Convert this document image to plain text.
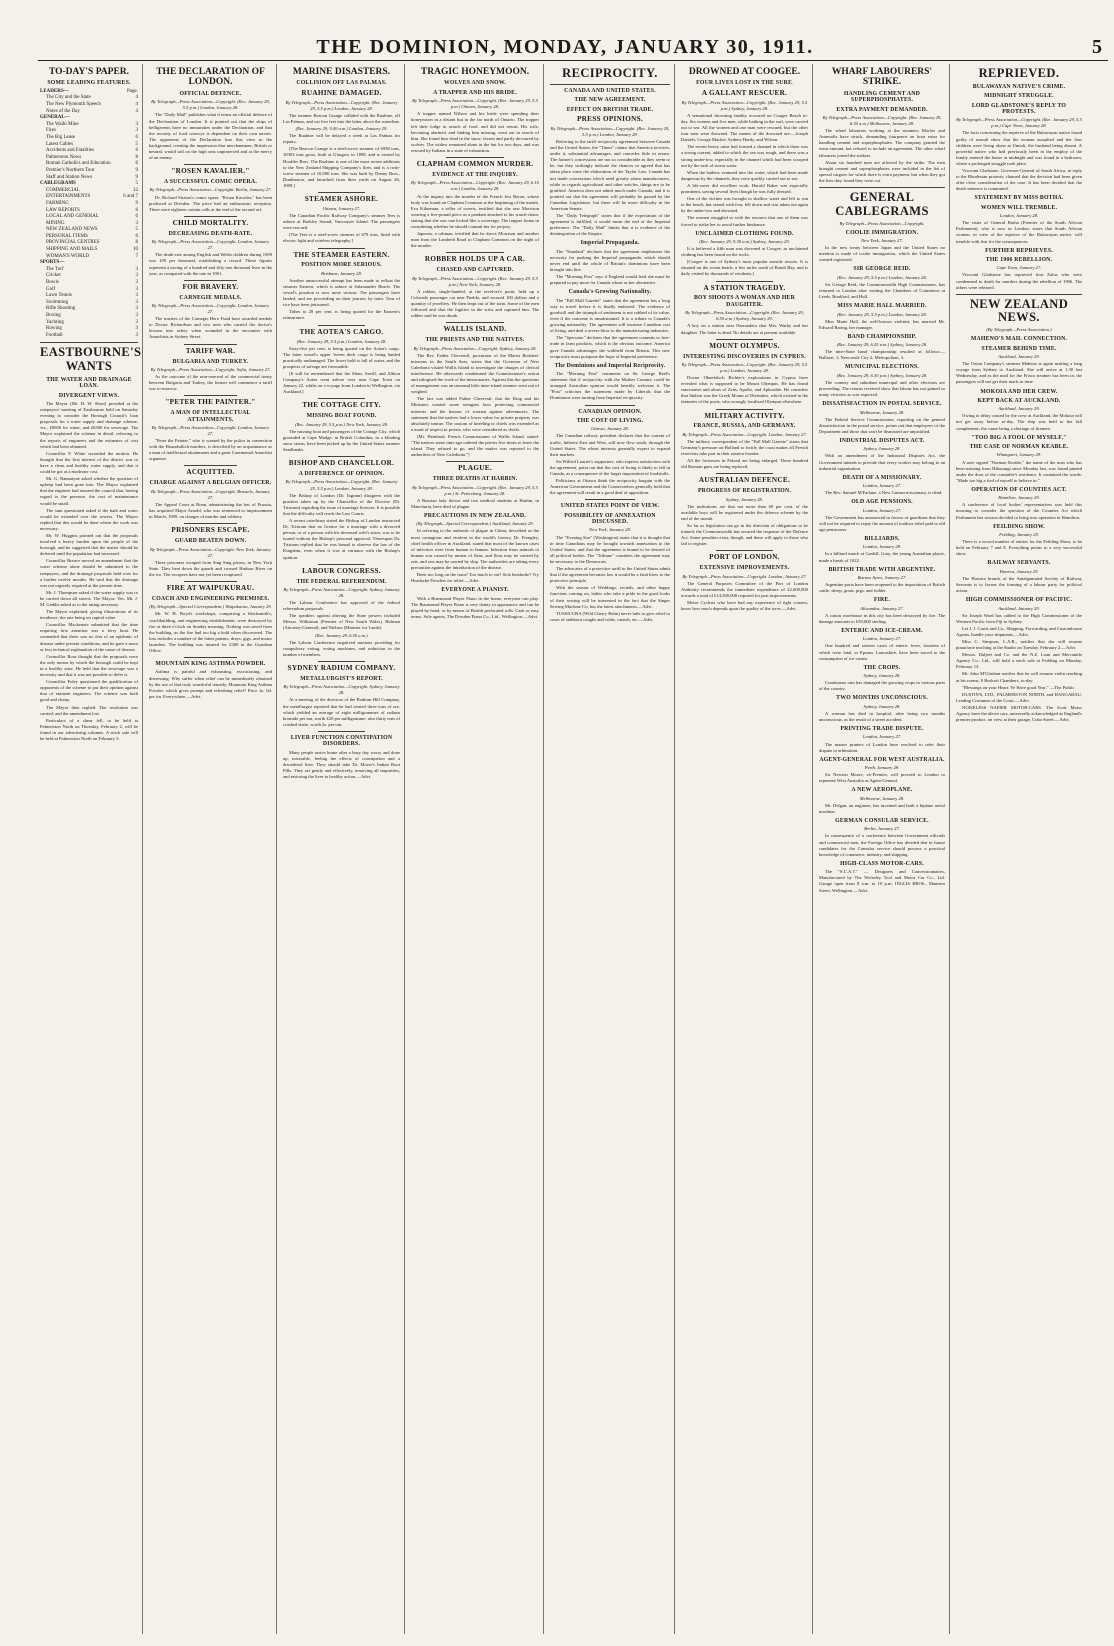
THE DOMINION, MONDAY, JANUARY 30, 1911.	5
TO-DAY'S PAPER.
SOME LEADING FEATURES.
LEADERS—	Page.
The City and the State	4
The New Plymouth Speech	4
Notes of the Day	4
GENERAL—
The Waihi Mine	3
Fires	3
The Big Lease	6
Latest Cables	5
Accidents and Fatalities	6
Palmerston News	8
Roman Catholics and Education	6
Premier's Northern Tour	9
Staff and Station News	9
CABLEGRAMS	5
COMMERCIAL	12
ENTERTAINMENTS	6 and 7
FARMING	9
LAW REPORTS	6
LOCAL AND GENERAL	6
MINING	3
NEW ZEALAND NEWS	5
PERSONAL ITEMS	6
PROVINCIAL CENTRES	8
SHIPPING AND MAILS	10
WOMAN'S WORLD	7
SPORTS—
The Turf	3
Cricket	3
Bowls	3
Golf	3
Lawn Tennis	3
Swimming	3
Rifle Shooting	3
Boxing	3
Yachting	3
Rowing	3
Football	3
EASTBOURNE'S WANTS
THE WATER AND DRAINAGE LOAN.
DIVERGENT VIEWS.

The Mayor (Mr. H. W. Short) presided at the ratepayers' meeting of Eastbourne held on Saturday evening to consider the Borough Council's loan proposals for a water supply and drainage scheme, viz., £9000 for water, and £6500 for sewerage. The Mayor explained the scheme in detail, referring to the reports of engineers and the estimates of cost which had been obtained.

Councillor F. White seconded the motion. He thought that the first interest of the district was to have a clean and healthy water supply, and that it could be got at a moderate cost.

Mr. G. Bannatyne asked whether the question of upkeep had been gone into. The Mayor explained that the engineer had assured the council that, having regard to the pressure, the cost of maintenance would be small.

The sum questioned asked if the bath and water would be extended over the sewers. The Mayor replied that this would be done where the work was necessary.

Mr. W. Huggins pointed out that the proposals involved a heavy burden upon the people of the borough, and he suggested that the matter should be deferred until the population had increased.

Councillor Breuce moved an amendment that the water scheme alone should be submitted to the ratepayers, and the drainage proposals held over for a further twelve months. He said that the drainage was not urgently required at the present time.

Mr. J. Thompson asked if the water supply was to be carried down all streets. The Mayor: Yes. Mr. J. M. Geddis asked as to the rating necessary.

The Mayor explained, giving illustrations of its incidence, the rate being on capital value.

Councillor Mackenzie submitted that the time requiring first attention was a ferry boat. He contended that there was no fear of an epidemic of disease under present conditions, and he gave a more or less technical explanation of the cause of disease.

Councillor Rose thought that the proposals were the only means by which the borough could be kept in a healthy state. He held that the sewerage was a necessity and that it was not possible to defer it.

Councillor Foley questioned the qualification of opponents of the scheme to put their opinion against that of eminent engineers. The scheme was both good and cheap.

The Mayor then replied. The resolution was carried, and the amendment lost.

Particulars of a shear fell, to be held at Palmerston North on Thursday, February 2, will be found in our advertising columns. A stock sale will be held at Palmerston North on February 3.

THE DECLARATION OF LONDON.
OFFICIAL DEFENCE.
By Telegraph—Press Association—Copyright. (Rec. January 29, 5.5 p.m.) London, January 28.

The "Daily Mail" publishes what it terms an official defence of the Declaration of London. It is pointed out that the ships of belligerents have no immunities under the Declaration, and that the security of food convoys is dependent on their own navies. The opponents of the Declaration lose this view in the background, creating the impression that merchantmen, British or neutral, would sail on the high seas unprotected and at the mercy of an enemy.

"ROSEN KAVALIER."
A SUCCESSFUL COMIC OPERA.
By Telegraph—Press Association—Copyright. Berlin, January 27.

Dr. Richard Strauss's comic opera, "Rosen Kavalier," has been produced at Dresden. The piece had an enthusiastic reception. There were eighteen curtain calls at the end of the second act.

CHILD MORTALITY.
DECREASING DEATH-RATE.
By Telegraph—Press Association—Copyright. London, January 27.

The death-rate among English and Welsh children during 1909 was 109 per thousand, establishing a record. These figures represent a saving of a hundred and fifty-one thousand lives in the year, as compared with the rate in 1901.

FOR BRAVERY.
CARNEGIE MEDALS.
By Telegraph—Press Association—Copyright. London, January 27.

The trustees of the Carnegie Hero Fund have awarded medals to Doctor Richardson and two men who carried the doctor's lessons into safety when wounded in the encounter with Anarchists in Sydney Street.

TARIFF WAR.
BULGARIA AND TURKEY.
By Telegraph—Press Association—Copyright. Sofia, January 27.

As the outcome of the non-renewal of the commercial treaty between Bulgaria and Turkey, the former will commence a tariff war to-morrow.

"PETER THE PAINTER."
A MAN OF INTELLECTUAL ATTAINMENTS.
By Telegraph—Press Association—Copyright. London, January 27.

"Peter the Painter," who is wanted by the police in connection with the Houndsditch murders, is described by an acquaintance as a man of intellectual attainments and a great Continental Anarchist organiser.

ACQUITTED.
CHARGE AGAINST A BELGIAN OFFICER.
By Telegraph—Press Association—Copyright. Brussels, January 27.

The Appeal Court at Bonn, administering the law of Prussia, has acquitted Major Arnold, who was sentenced to imprisonment in March, 1909, on charges of murder and robbery.

PRISONERS ESCAPE.
GUARD BEATEN DOWN.
By Telegraph—Press Association—Copyright. New York, January 27.

Three prisoners escaped from Sing Sing prison, in New York State. They beat down the guards and crossed Hudson River on the ice. The escapees have not yet been recaptured.

FIRE AT WAIPUKURAU.
COACH AND ENGINEERING PREMISES.
(By Telegraph—Special Correspondent.) Waipukurau, January 29.

Mr. W. H. Boyd's workshops, comprising a blacksmith's, coachbuilding, and engineering establishment, were destroyed by fire at three o'clock on Sunday morning. Nothing was saved from the building, as the fire had too big a hold when discovered. The loss includes a number of the latest patents, drays, gigs, and motor launches. The building was insured for £300 in the Guardian Office.

MOUNTAIN KING ASTHMA POWDER.

Asthma is painful and exhausting, excruciating, and distressing. Why suffer when relief can be immediately obtained by the use of that truly wonderful remedy, Mountain King Asthma Powder, which gives prompt and refreshing relief? Price 2s. 6d. per tin. Everywhere.—Advt.

MARINE DISASTERS.
COLLISION OFF LAS PALMAS.
RUAHINE DAMAGED.
By Telegraph—Press Association—Copyright. (Rec. January 29, 5.5 p.m.) London, January 28.

The steamer Beacon Grange collided with the Ruahine, off Las Palmas, and cut five feet into the latter above the waterline.

(Rec. January 29, 9.40 a.m.) London, January 29.

The Ruahine will be delayed a week at Las Palmas for repairs.

[The Beacon Grange is a steel-screw steamer of 6958 tons, 10303 tons gross, built at Glasgow in 1898, and is owned by Houlder Bros. The Ruahine is one of the most recent additions to the New Zealand Shipping Company's fleet, and is a twin-screw steamer of 10,000 tons. She was built by Denny Bros., Dumbarton, and launched from their yards on August 26, 1909.]

STEAMER ASHORE.
Ottawa, January 27.

The Canadian Pacific Railway Company's steamer Tees is ashore at Barkley Sound, Vancouver Island. The passengers were rescued.

[The Tees is a steel-screw steamer of 679 tons, fitted with electric light and wireless telegraphy.]

THE STEAMER EASTERN.
POSITION MORE SERIOUS.
Brisbane, January 28.

Another unsuccessful attempt has been made to refloat the steamer Eastern, which is ashore at Salamander Beach. The vessel's position is now more serious. The passengers have landed, and are proceeding on their journey by train. Tons of rice have been jettisoned.

Tithes to 28 per cent. is being quoted for the Eastern's reinsurance.

THE AOTEA'S CARGO.
(Rec. January 29, 5.5 p.m.) London, January 28.

Sixty-five per cent. is being quoted on the Aotea's cargo. The latter vessel's upper 'tween deck cargo is being landed practically undamaged. The lower hold is full of water, and the prospects of salvage are favourable.

[It will be remembered that the Shaw, Savill, and Albion Company's Aotea went ashore very near Cape Town on January 22, whilst on a voyage from London to Wellington, via Auckland.]

THE COTTAGE CITY.
MISSING BOAT FOUND.
(Rec. January 29, 5.5 p.m.) New York, January 28.

The missing boat and passengers of the Cottage City, which grounded at Cape Mudge, in British Columbia, in a blinding snow storm, have been picked up by the United States steamer Sandbanks.

BISHOP AND CHANCELLOR.
A DIFFERENCE OF OPINION.
By Telegraph—Press Association—Copyright. (Rec. January 29, 5.5 p.m.) London, January 28.

The Bishop of London (Dr. Ingram) disagrees with the position taken up by the Chancellor of the Diocese (Dr. Tristram) regarding the issue of marriage licences. It is possible that the difficulty will reach the Law Courts.

A recent catechism stated the Bishop of London instructed Dr. Tristram that no licence for a marriage with a divorced person, or of a person with his deceased wife's sister, was to be issued without the Bishop's personal approval. Thereupon Dr. Tristram replied that he was bound to observe the law of the Kingdom, even when it was at variance with the Bishop's opinion.

LABOUR CONGRESS.
THE FEDERAL REFERENDUM.
By Telegraph—Press Association—Copyright. Sydney, January 28.

The Labour Conference has approved of the federal referendum proposals.

The speakers against altering the State powers included Messrs. Wilkinson (Premier of New South Wales), Holman (Attorney-General), and Nielsen (Minister for Lands).

(Rec. January 29, 6.50 a.m.)

The Labour Conference negatived motions providing for compulsory voting, voting machines, and reduction in the number of members.

SYDNEY RADIUM COMPANY.
METALLURGIST'S REPORT.
By Telegraph—Press Association—Copyright. Sydney, January 28.

At a meeting of the directors of the Radium Hill Company, the metallurgist reported that he had treated three tons of ore, which yielded an average of eight milligrammes of radium bromide per ton, worth £20 per milligramme; also thirty tons of crushed shale, worth 2s. per ton.

LIVER FUNCTION CONSTIPATION DISORDERS.

Many people arrive home after a busy day worry and done up, miserable, feeling the effects of constipation and a disordered liver. They should take Dr. Morse's Indian Root Pills. They act gently and effectively, removing all impurities, and restoring the liver to healthy action.—Advt.

TRAGIC HONEYMOON.
WOLVES AND SNOW.
A TRAPPER AND HIS BRIDE.
By Telegraph—Press Association—Copyright. (Rec. January 29, 5.5 p.m.) Ottawa, January 28.

A trapper named Wilson and his bride were spending their honeymoon in a distant hut in the far north of Ontario. The trapper left their lodge in search of food, and did not return. His wife, becoming alarmed, and finding him missing, went out in search of him. She found him dead in the snow, frozen and partly devoured by wolves. The widow remained alone in the hut for two days, and was rescued by Indians in a state of exhaustion.

CLAPHAM COMMON MURDER.
EVIDENCE AT THE INQUIRY.
By Telegraph—Press Association—Copyright. (Rec. January 29, 6.10 a.m.) London, January 28.

At the inquiry into the murder of the French Jew Beron, whose body was found on Clapham Common at the beginning of the month, Eva Kikteman, a seller of sweets, testified that she saw Morrison wearing a five-pound piece as a pendant attached to his watch-chain, stating that she saw one locked like a sovereign. The trapper forms in considering whether he should commit her for perjury.

Japonsn, a cabman, testified that he drove Morrison and another man from the Lambeth Road to Clapham Common on the night of the murder.

ROBBER HOLDS UP A CAR.
CHASED AND CAPTURED.
By Telegraph—Press Association—Copyright. (Rec. January 29, 5.5 p.m.) New York, January 28.

A robber, single-handed, at the revolver's point, held up a Colorado passenger car near Pueblo, and secured 100 dollars and a quantity of jewellery. He then leapt out of the train. Some of the men followed and shot the fugitive in the wrist and captured him. The robber said he was drunk.

WALLIS ISLAND.
THE PRIESTS AND THE NATIVES.
By Telegraph—Press Association—Copyright. Sydney, January 28.

The Rev. Father Chevreuil, procurator of the Marist Brothers' missions in the South Seas, states that the Governor of New Caledonia visited Wallis Island to investigate the charges of clerical interference. He afterwards condemned the Commissioner's action and eulogised the work of the missionaries. Against this the questions of management was an unsound little inter-island steamer went out of weighed.

The fact was added Father Chevreuil, that the King and his Ministers wanted some stringent laws protecting commercial interests and the honour of women against adventurers. The statement that the natives had a lower value for private property was absolutely untrue. The custom of kneeling to chiefs was extended as a mark of respect to priests, who were considered as chiefs.

[Mr. Heinhard, French Commissioner of Wallis Island, stated: "The natives some time ago ordered the priests five times to leave the island. They refused to go, and the matter was reported to the authorities of New Caledonia."]

PLAGUE.
THREE DEATHS AT HARBIN.
By Telegraph—Press Association—Copyright. (Rec. January 29, 5.5 p.m.) St. Petersburg, January 28.

A Russian lady doctor and two medical students at Harbin, in Manchuria, have died of plague.

PRECAUTIONS IN NEW ZEALAND.
(By Telegraph—Special Correspondent.) Auckland, January 29.

In referring to the outbreak of plague in China, described as the most contagious and virulent in the world's history, Dr. Frengley, chief health officer in Auckland, stated that most of the known cases of infection were from human to human. Infection from animals to human was caused by means of fleas, and fleas may be carried by rats, and rats may be carried by ship. The authorities are taking every precaution against the introduction of the disease.

Been too long on the train? Too much to eat? Sick headache? Try Headache Powders for relief.—Advt.

EVERYONE A PIANIST.

With a Brinsmead Player Piano in the home, everyone can play. The Brinsmead Player Piano is very dainty in appearance and can be played by hand, or by means of British perforated rolls. Cash or easy terms. Sole agents, The Dresden Piano Co., Ltd., Wellington.—Advt.

RECIPROCITY.
CANADA AND UNITED STATES.
THE NEW AGREEMENT.
EFFECT ON BRITISH TRADE.
PRESS OPINIONS.
By Telegraph—Press Association—Copyright. (Rec. January 29, 5.5 p.m.) London, January 28.

Referring to the tariff reciprocity agreement between Canada and the United States, the "Times" claims that America receives, under it, substantial advantages, and concedes little in return. The farmer's concessions are not so considerable as they seem to be, but they strikingly indicate the chances in agreed that has taken place since the elaboration of the Taylor Law. Canada has not made concessions which need greatly alarm manufacturers, while as regards agricultural and other articles, things are to be gratified. America does not admit much under Canada, and it is pointed out that the agreement will probably be passed by the Canadian Legislature, but there will be more difficulty in the American Senate.

The "Daily Telegraph" states that if the expectation of the agreement is fulfilled, it would mean the end of the Imperial preference. The "Daily Mail" thinks that it is evidence of the disintegration of the Empire.

Imperial Propaganda.

The "Standard" declares that the agreement emphasises the necessity for pushing the Imperial propaganda, which should never end until the whole of Britain's dominions have been brought into line.

The "Morning Post" says if England would feed she must be prepared to pay more for Canada wheat as her alternative.

Canada's Growing Nationality.

The "Pall Mall Gazette" states that the agreement has a long way to travel before it is finally endorsed. The evidence of goodwill and the triumph of sentiment is not robbed of its value, even if the outcome is unsubstantial. It is a tribute to Canada's growing nationality. The agreement will increase Canadian cost of living, and deal a severe blow to the manufacturing industries.

The "Spectator" declares that the agreement commits to free-trade in farm products, which is the obvious outcome. America gave Canada advantages she withheld from Britain. This new reciprocity must postpone the hope of Imperial preference.

The Dominions and Imperial Reciprocity.

The "Morning Post" comments on Sir George Reid's statement that if reciprocity with the Mother Country could be arranged Australian opinion would heartily welcome it. The "Post" criticises the statement made by Liberals that the Dominions were turning from Imperial reciprocity.

CANADIAN OPINION.
THE COST OF LIVING.
Ottawa, January 28.

The Canadian railway president declares that the current of traffic, hitherto East and West, will now flow south, through the United States. The wheat interests generally expect to expand their markets.

Sir Wilfrid Laurier's supporters, who express satisfaction with the agreement, point out that the cost of living is likely to fall in Canada, as a consequence of the larger importation of foodstuffs.

Politicians at Ottawa think the reciprocity bargain with the American Government and the Conservatives generally hold that the agreement will result in a good deal of opposition.

UNITED STATES POINT OF VIEW.
POSSIBILITY OF ANNEXATION DISCUSSED.
New York, January 28.

The "Evening Star" (Washington) states that it is thought that in time Canadians may be brought towards annexation to the United States, and that the agreement is bound to be desired of all political bodies. The "Tribune" considers the agreement may be necessary to the Democrats.

The advocates of a protective tariff in the United States admit that if the agreement becomes law it would be a fatal blow to the protective principle.

With the season of Weddings, recitals, and other happy functions coming on, ladies who take a pride in the good looks of their sewing will be interested in the fact that the Singer Sewing Machine Co. has the latest attachments.—Advt.

TUSSICURA (Wild Cherry Balm) never fails to give relief to cases of stubborn coughs and colds, catarrh, etc.—Advt.

DROWNED AT COOGEE.
FOUR LIVES LOST IN THE SURF.
A GALLANT RESCUER.
By Telegraph—Press Association—Copyright. (Rec. January 29, 5.5 p.m.) Sydney, January 28.

A sensational drowning fatality occurred on Coogee Beach to-day. Six women and five men, while bathing in the surf, were carried out to sea. All the women and one man were rescued, but the other four men were drowned. The names of the drowned are:—Joseph Daniels, George Mackie, Sydney Hardy, and Wilson.

The recent heavy rains had formed a channel in which there was a strong current, added to which the sea was rough, and there was a strong under-tow, especially in the channel which had been scooped out by the rush of storm water.

When the bathers ventured into the water, which had been made dangerous by the channels, they were quickly carried out to sea.

A life-saver did excellent work. Harold Baker was especially prominent, saving several lives though he was fully dressed.

One of the victims was brought to shallow water and left to run to the beach, but seized with fear, fell down and was taken out again by the under-tow and drowned.

The women struggled so with the rescuers that one of them was forced to strike her to avoid further hindrance.

UNCLAIMED CLOTHING FOUND.
(Rec. January 29, 9.30 a.m.) Sydney, January 29.

It is believed a fifth man was drowned at Coogee, as unclaimed clothing has been found on the rocks.

[Coogee is one of Sydney's most popular seaside resorts. It is situated on the ocean beach, a few miles south of Bondi Bay, and is daily visited by thousands of residents.]

A STATION TRAGEDY.
BOY SHOOTS A WOMAN AND HER DAUGHTER.
By Telegraph—Press Association—Copyright. (Rec. January 29, 6.50 a.m.) Sydney, January 29.

A boy on a station near Narrandera shot Mrs. Warby and her daughter. The latter is dead. No details are at present available.

MOUNT OLYMPUS.
INTERESTING DISCOVERIES IN CYPRUS.
By Telegraph—Press Association—Copyright. (Rec. January 29, 5.5 p.m.) London, January 28.

Doctor Ohnefalsch Richter's explorations in Cyprus have revealed what is supposed to be Mount Olympus. He has found sanctuaries and altars of Zeus, Apollo, and Aphrodite. He considers that Idalion was the Greek Mount of Divinities, which existed in the fantasies of the poets, who wrongly localised Olympus elsewhere.

MILITARY ACTIVITY.
FRANCE, RUSSIA, AND GERMANY.
By Telegraph—Press Association—Copyright. London, January 27.

The military correspondent of the "Pall Mall Gazette" states that Germany's pressure on Holland to fortify the coast makes all French reservists take part in their eastern frontier.

All the fortresses in Poland are being enlarged. Three hundred old Russian guns are being replaced.

AUSTRALIAN DEFENCE.
PROGRESS OF REGISTRATION.
Sydney, January 28.

The indications are that not more than 60 per cent. of the available boys will be registered under the defence scheme by the end of the month.

So far as legislation can go in the direction of obligations to be trained, the Commonwealth has secured the response of the Defence Act. Some penalties exist, though, and these will apply to those who fail to register.

PORT OF LONDON.
EXTENSIVE IMPROVEMENTS.
By Telegraph—Press Association—Copyright. London, January 27.

The General Purposes Committee of the Port of London Authority recommends the immediate expenditure of £2,000,000 towards a total of £14,500,000 required for port improvements.

Motor Cyclists who have had any experience of tight corners, know how much depends upon the quality of the tyres.—Advt.

WHARF LABOURERS' STRIKE.
HANDLING CEMENT AND SUPERPHOSPHATES.
EXTRA PAYMENT DEMANDED.
By Telegraph—Press Association—Copyright. (Rec. January 29, 6.30 a.m.) Melbourne, January 28.

The wharf labourers working at the steamers Morloe and Annesolis have struck, demanding fourpence an hour extra for handling cement and superphosphates. The company granted the extra amount, but refused to include an agreement. The other wharf labourers joined the strikers.

About six hundred men are affected by the strike. The men brought cement and superphosphates were included in the list of special cargoes for which there is extra payment, but when they got the lists they found they were cut.

GENERAL CABLEGRAMS
By Telegraph—Press Association—Copyright.
COOLIE IMMIGRATION.
New York, January 27.

In the new treaty between Japan and the United States no mention is made of coolie immigration, which the United States wanted registered.

SIR GEORGE REID.
(Rec. January 29, 5.5 p.m.) London, January 28.

Sir George Reid, the Commonwealth High Commissioner, has returned to London after visiting the Chambers of Commerce at Leeds, Bradford, and Hull.

MISS MARIE HALL MARRIED.
(Rec. January 29, 5.5 p.m.) London, January 28.

Miss Marie Hall, the well-known violinist, has married Mr. Edward Baring, her manager.

BAND CHAMPIONSHIP.
(Rec. January 29, 6.55 a.m.) Sydney, January 28.

The inter-State band championship resulted as follows:—Ballarat, 1; Newcastle City 2; Metropolitan, 3.

MUNICIPAL ELECTIONS.
(Rec. January 29, 6.30 p.m.) Sydney, January 28.

The country and suburban municipal and other elections are proceeding. The returns received show that labour has not gained so many victories as was expected.

DISSATISFACTION IN POSTAL SERVICE.
Melbourne, January 28.

The Federal Service Commissioner, reporting on the general dissatisfaction in the postal service, points out that employees of the Department and those that can't be dismissed are unjustified.

INDUSTRIAL DISPUTES ACT.
Sydney, January 28.

With an amendment of the Industrial Disputes Act, the Government intends to provide that every worker may belong to an industrial organisation.

DEATH OF A MISSIONARY.
London, January 27.

The Rev. Samuel M'Farlane, a New Guinea missionary, is dead.

OLD AGE PENSIONS.
London, January 27.

The Government has announced in favour of guardians that they will not be required to repay the amount of outdoor relief paid to old age pensioners.

BILLIARDS.
London, January 28.

In a billiard match at Cardiff, Gray, the young Australian player, made a break of 1022.

BRITISH TRADE WITH ARGENTINE.
Buenos Ayres, January 27.

Argentine ports have been reopened to the importation of British cattle, sheep, goats, pigs, and fodder.

FIRE.
Alexandra, January 27.

A cotton warehouse in this city has been destroyed by fire. The damage amounts to £50,000 sterling.

ENTERIC AND ICE-CREAM.
London, January 27.

One hundred and sixteen cases of enteric fever, fourteen of which were fatal, at Epsom, Lancashire, have been traced to the consumption of ice-cream.

THE CROPS.
Sydney, January 28.

Continuous rain has damaged the growing crops in various parts of the country.

TWO MONTHS UNCONSCIOUS.
Sydney, January 28.

A woman has died in hospital, after being two months unconscious, as the result of a street accident.

PRINTING TRADE DISPUTE.
London, January 27.

The master printers of London have resolved to refer their dispute to arbitration.

AGENT-GENERAL FOR WEST AUSTRALIA.
Perth, January 28.

Sir Newton Moore, ex-Premier, will proceed to London to represent West Australia as Agent-General.

A NEW AEROPLANE.
Melbourne, January 28.

Mr. Delgan, an engineer, has invented and built a biplane aerial machine.

GERMAN CONSULAR SERVICE.
Berlin, January 27.

In consequence of a conference between Government officials and commercial men, the Foreign Office has decided that in future candidates for the Consular service should possess a practical knowledge of commerce, industry, and shipping.

HIGH-CLASS MOTOR-CARS.

The "S.C.A.T." — Designers and Concessionnaires, Manufactured by The Wolseley Tool and Motor Car Co., Ltd. Garage open from 8 a.m. to 10 p.m. INGLIS BROS., Manners Street, Wellington.—Advt.

REPRIEVED.
BULAWAYAN NATIVE'S CRIME.
MIDNIGHT STRUGGLE.
LORD GLADSTONE'S REPLY TO PROTESTS.
By Telegraph—Press Association—Copyright. (Rec. January 29, 5.5 p.m.) Cape Town, January 28.

The facts concerning the reprieve of the Bulawayan native found guilty of assault show that the woman assaulted and her four children were living alone at Umtali, the husband being absent. A powerful native who had previously been in the employ of the family entered the house at midnight and was found in a bedroom, where a prolonged struggle took place.

Viscount Gladstone, Governor-General of South Africa, in reply to the Rhodesian protests, claimed that the decision had been given after close consideration of the case. It has been decided that the death sentence is commuted.

STATEMENT BY MISS BOTHA.
WOMEN WILL TREMBLE.
London, January 28.

The sister of General Botha (Premier of the South African Parliament), who is now in London, states that South African women, in view of the reprieve of the Bulawayan native, will tremble with fear for the consequences.

FURTHER REPRIEVES.
THE 1906 REBELLION.
Cape Town, January 27.

Viscount Gladstone has reprieved four Zulus who were condemned to death for murders during the rebellion of 1906. The others were released.

NEW ZEALAND NEWS.
(By Telegraph—Press Association.)
MAHENO'S MAIL CONNECTION.
STEAMER BEHIND TIME.
Auckland, January 29.

The Union Company's steamer Maheno is again making a long voyage from Sydney to Auckland. She will arrive at 1.30 last Wednesday, and as the mail for the Frisco steamer has been in, the passengers will not get their mails in time.

MOKOIA AND HER CREW.
KEPT BACK AT AUCKLAND.
Auckland, January 29.

Owing to delay caused by the crew at Auckland, the Mokoia will not get away before to-day. The ship was held to her full complement; the cause being a shortage of firemen.

"TOO BIG A FOOL OF MYSELF."
THE CASE OF NORMAN KEABLE.
Whangarei, January 29.

A note signed "Norman Keable," the name of the man who has been missing from Hikurangi since Monday last, was found pinned under the door of the constable's residence. It contained the words: "Made too big a fool of myself to believe in."

OPERATION OF COUNTIES ACT.
Hamilton, January 29.

A conference of local bodies' representatives was held this morning to consider the question of the Counties Act which Parliament last session decided to bring into operation in Hamilton.

FEILDING SHOW.
Feilding, January 29.

There is a record number of entries for the Feilding Show, to be held on February 7 and 8. Everything points to a very successful show.

RAILWAY SERVANTS.
Hawera, January 29.

The Hawera branch of the Amalgamated Society of Railway Servants is to favour the forming of a labour party for political action.

HIGH COMMISSIONER OF PACIFIC.
Auckland, January 29.

Sir Joseph Ward has cabled to the High Commissioner of the Western Pacific from Fiji to Sydney.

Let J. J. Curtis and Co., Shipping, Forwarding, and Customhouse Agents, handle your shipments.—Advt.

Miss C. Simpson, L.A.B., notifies that she will resume pianoforte teaching at the Studio on Tuesday, February 2.—Advt.

Messrs. Daljeet and Co. and the N.Z. Loan and Mercantile Agency Co., Ltd., will hold a stock sale at Feilding on Monday, February 13.

Mr. John M'Glashan notifies that he will resume violin teaching at his rooms, 8 Bodcott Chambers, to-day.

"Blessings on your Heart. Ye Have good Year." —The Public.

DUSTIN'S, LTD., PALMERSTON NORTH, and HANGARAU, Leading Costumes of the Coast.—Advt.

NOISELESS NAPIER MOTOR-CARS. The Scott Motor Agency have the above cars, universally acknowledged as England's premier product, on view at their garage, Cuba Street.—Advt.
